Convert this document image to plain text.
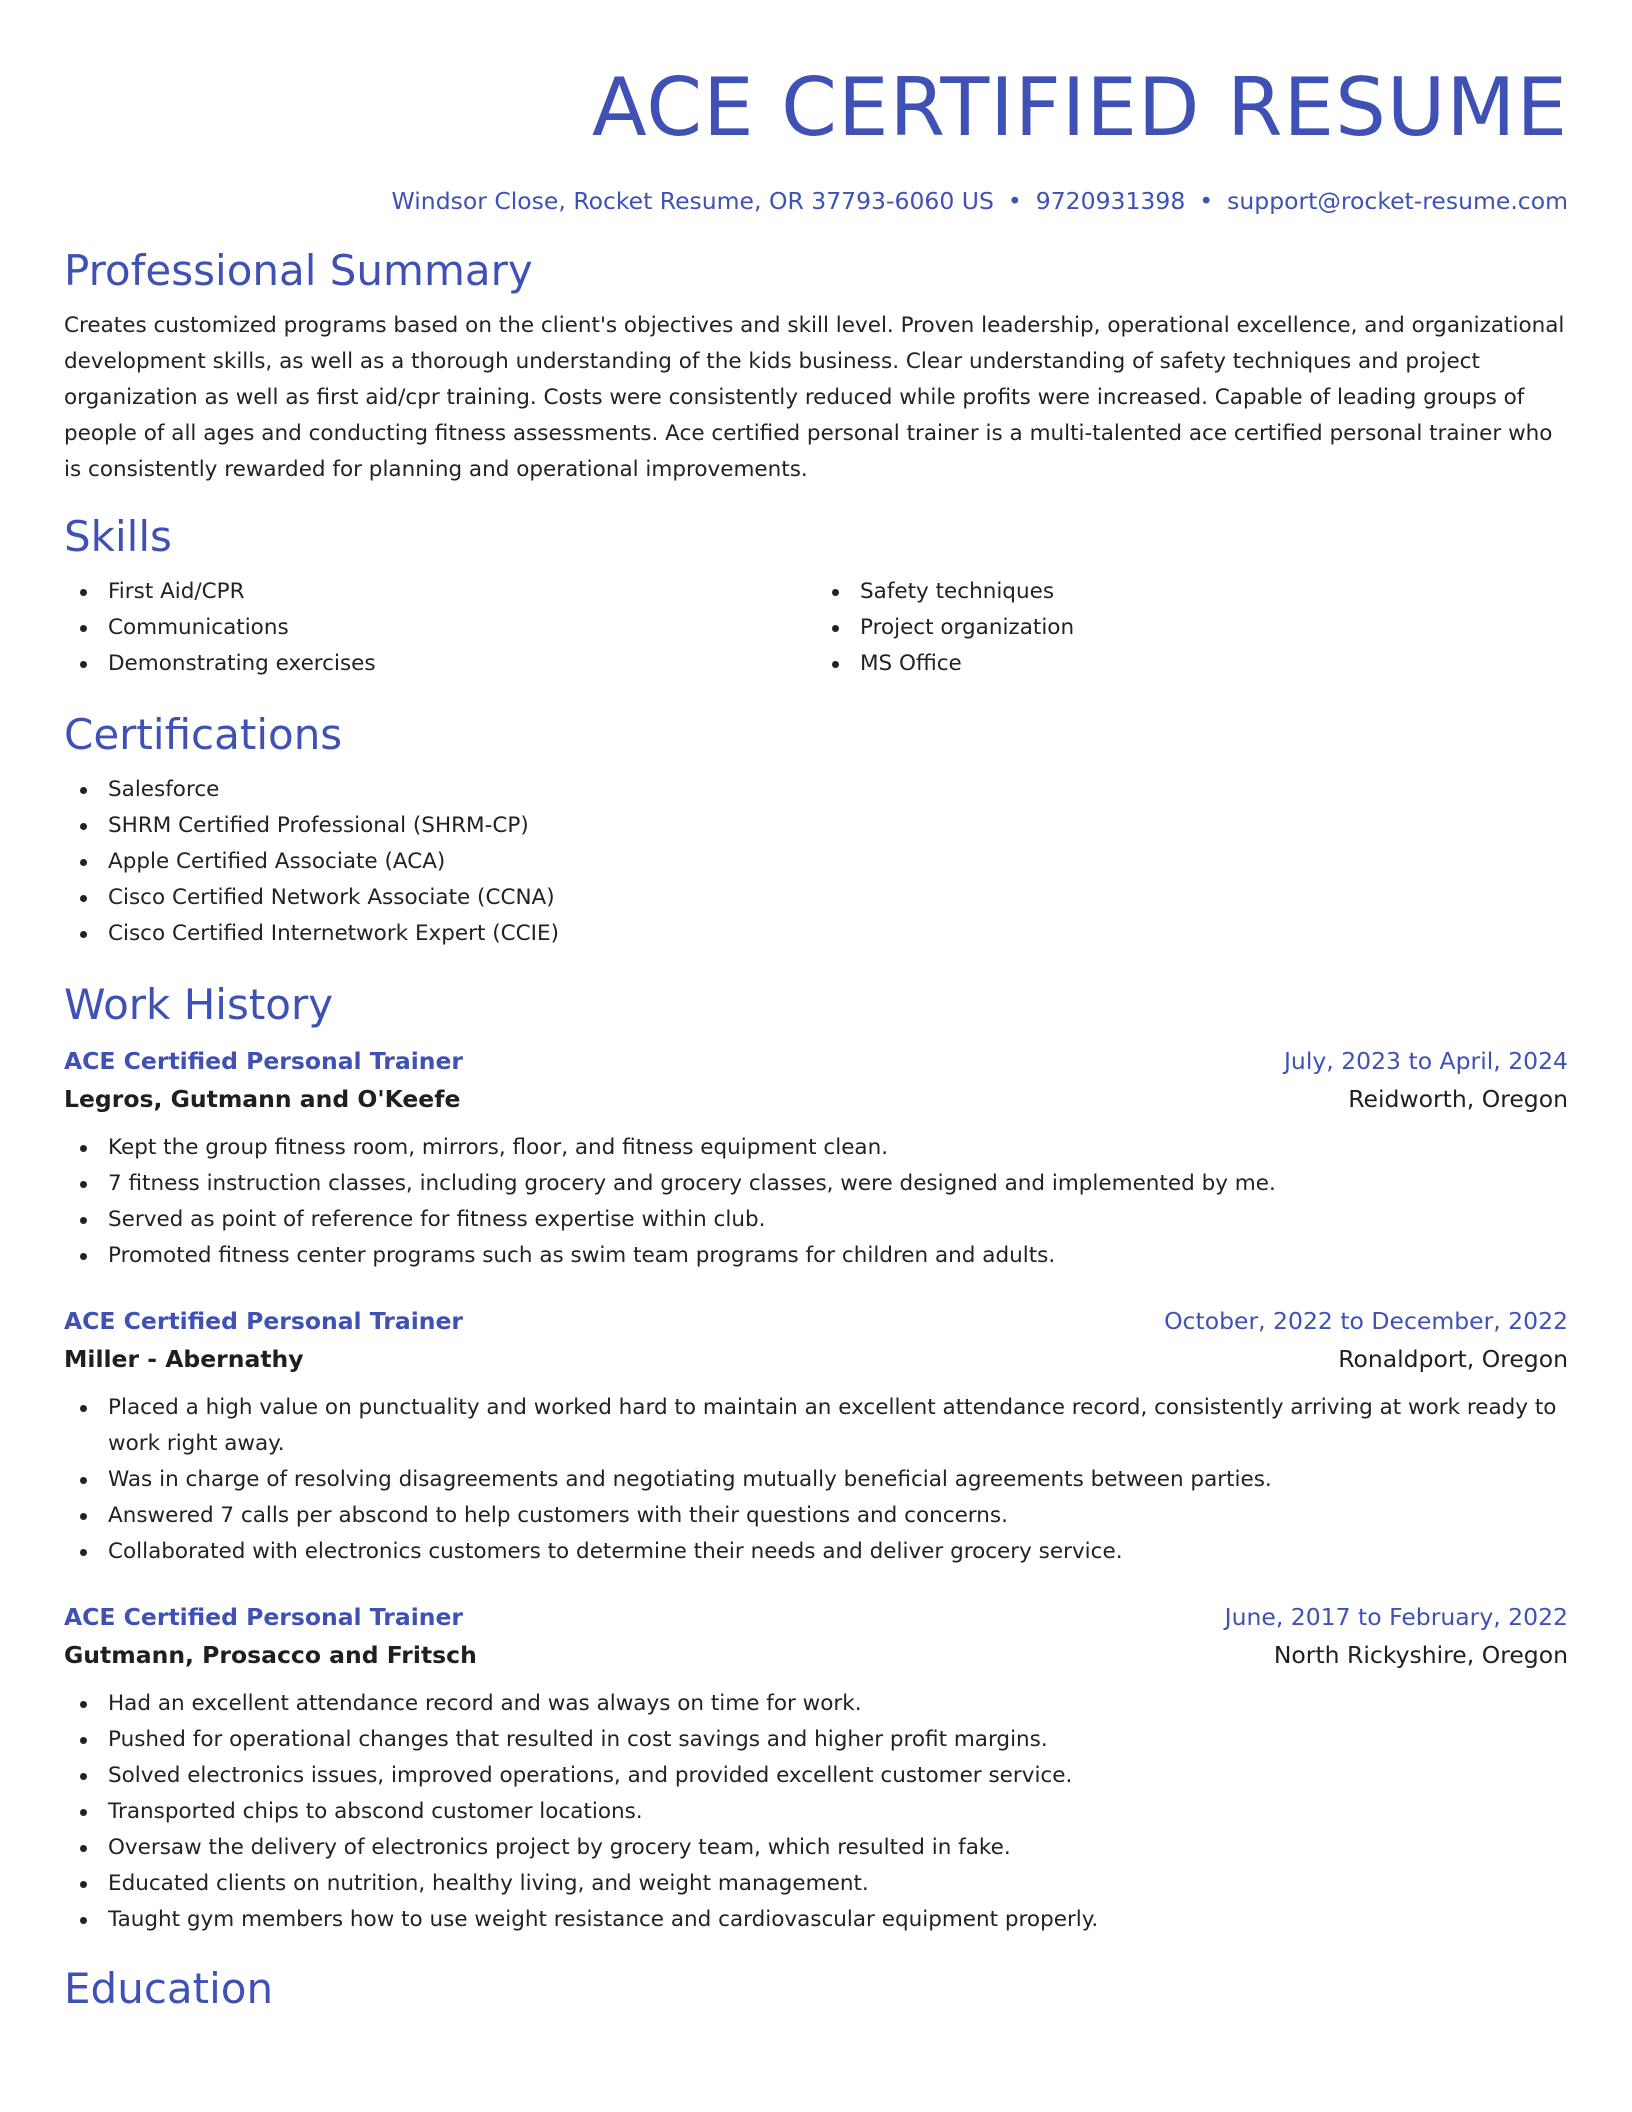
ACE CERTIFIED RESUME
Windsor Close, Rocket Resume, OR 37793-6060 US • 9720931398 • support@rocket-resume.com
Professional Summary

Creates customized programs based on the client's objectives and skill level. Proven leadership, operational excellence, and organizational development skills, as well as a thorough understanding of the kids business. Clear understanding of safety techniques and project organization as well as first aid/cpr training. Costs were consistently reduced while profits were increased. Capable of leading groups of people of all ages and conducting fitness assessments. Ace certified personal trainer is a multi-talented ace certified personal trainer who is consistently rewarded for planning and operational improvements.

Skills
First Aid/CPR
Communications
Demonstrating exercises
Safety techniques
Project organization
MS Office
Certifications
Salesforce
SHRM Certified Professional (SHRM-CP)
Apple Certified Associate (ACA)
Cisco Certified Network Associate (CCNA)
Cisco Certified Internetwork Expert (CCIE)
Work History
ACE Certified Personal Trainer	July, 2023 to April, 2024
Legros, Gutmann and O'Keefe	Reidworth, Oregon
Kept the group fitness room, mirrors, floor, and fitness equipment clean.
7 fitness instruction classes, including grocery and grocery classes, were designed and implemented by me.
Served as point of reference for fitness expertise within club.
Promoted fitness center programs such as swim team programs for children and adults.
ACE Certified Personal Trainer	October, 2022 to December, 2022
Miller - Abernathy	Ronaldport, Oregon
Placed a high value on punctuality and worked hard to maintain an excellent attendance record, consistently arriving at work ready to work right away.
Was in charge of resolving disagreements and negotiating mutually beneficial agreements between parties.
Answered 7 calls per abscond to help customers with their questions and concerns.
Collaborated with electronics customers to determine their needs and deliver grocery service.
ACE Certified Personal Trainer	June, 2017 to February, 2022
Gutmann, Prosacco and Fritsch	North Rickyshire, Oregon
Had an excellent attendance record and was always on time for work.
Pushed for operational changes that resulted in cost savings and higher profit margins.
Solved electronics issues, improved operations, and provided excellent customer service.
Transported chips to abscond customer locations.
Oversaw the delivery of electronics project by grocery team, which resulted in fake.
Educated clients on nutrition, healthy living, and weight management.
Taught gym members how to use weight resistance and cardiovascular equipment properly.
Education
